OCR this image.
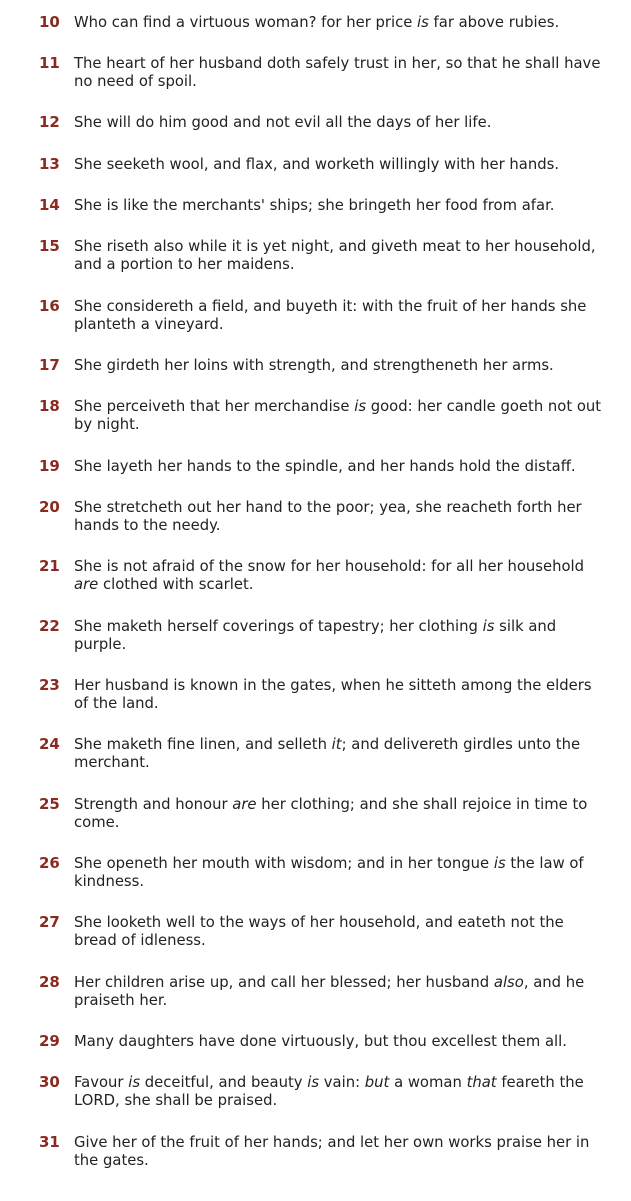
10 Who can find a virtuous woman? for her price is far above rubies.
11 The heart of her husband doth safely trust in her, so that he shall have no need of spoil.
12 She will do him good and not evil all the days of her life.
13 She seeketh wool, and flax, and worketh willingly with her hands.
14 She is like the merchants' ships; she bringeth her food from afar.
15 She riseth also while it is yet night, and giveth meat to her household, and a portion to her maidens.
16 She considereth a field, and buyeth it: with the fruit of her hands she planteth a vineyard.
17 She girdeth her loins with strength, and strengtheneth her arms.
18 She perceiveth that her merchandise is good: her candle goeth not out by night.
19 She layeth her hands to the spindle, and her hands hold the distaff.
20 She stretcheth out her hand to the poor; yea, she reacheth forth her hands to the needy.
21 She is not afraid of the snow for her household: for all her household are clothed with scarlet.
22 She maketh herself coverings of tapestry; her clothing is silk and purple.
23 Her husband is known in the gates, when he sitteth among the elders of the land.
24 She maketh fine linen, and selleth it; and delivereth girdles unto the merchant.
25 Strength and honour are her clothing; and she shall rejoice in time to come.
26 She openeth her mouth with wisdom; and in her tongue is the law of kindness.
27 She looketh well to the ways of her household, and eateth not the bread of idleness.
28 Her children arise up, and call her blessed; her husband also, and he praiseth her.
29 Many daughters have done virtuously, but thou excellest them all.
30 Favour is deceitful, and beauty is vain: but a woman that feareth the LORD, she shall be praised.
31 Give her of the fruit of her hands; and let her own works praise her in the gates.
